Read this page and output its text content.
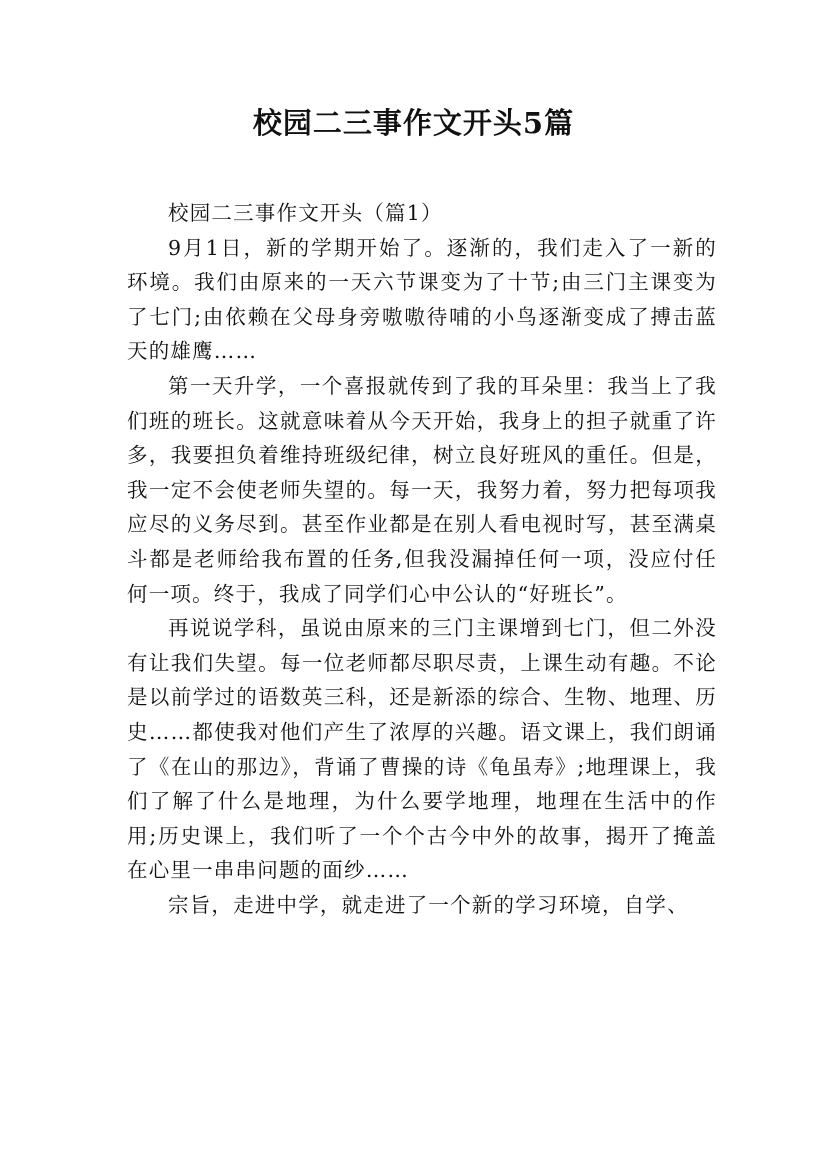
校园二三事作文开头5篇

校园二三事作文开头（篇1）

9月1日，新的学期开始了。逐渐的，我们走入了一新的环境。我们由原来的一天六节课变为了十节;由三门主课变为了七门;由依赖在父母身旁嗷嗷待哺的小鸟逐渐变成了搏击蓝天的雄鹰……

第一天升学，一个喜报就传到了我的耳朵里：我当上了我们班的班长。这就意味着从今天开始，我身上的担子就重了许多，我要担负着维持班级纪律，树立良好班风的重任。但是，我一定不会使老师失望的。每一天，我努力着，努力把每项我应尽的义务尽到。甚至作业都是在别人看电视时写，甚至满桌斗都是老师给我布置的任务,但我没漏掉任何一项，没应付任何一项。终于，我成了同学们心中公认的“好班长”。

再说说学科，虽说由原来的三门主课增到七门，但二外没有让我们失望。每一位老师都尽职尽责，上课生动有趣。不论是以前学过的语数英三科，还是新添的综合、生物、地理、历史……都使我对他们产生了浓厚的兴趣。语文课上，我们朗诵了《在山的那边》，背诵了曹操的诗《龟虽寿》;地理课上，我们了解了什么是地理，为什么要学地理，地理在生活中的作用;历史课上，我们听了一个个古今中外的故事，揭开了掩盖在心里一串串问题的面纱……

宗旨，走进中学，就走进了一个新的学习环境，自学、
